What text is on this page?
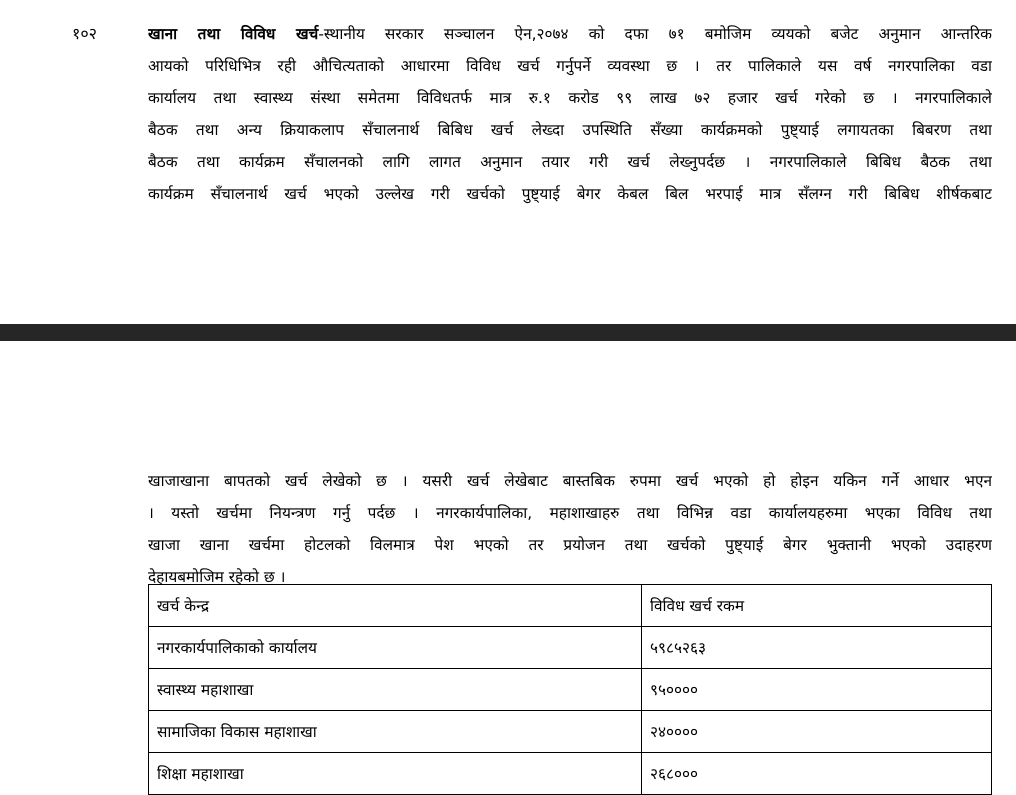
१०२	खाना तथा विविध खर्च-स्थानीय सरकार सञ्चालन ऐन,२०७४ को दफा ७१ बमोजिम व्ययको बजेट अनुमान आन्तरिक
आयको परिधिभित्र रही औचित्यताको आधारमा विविध खर्च गर्नुपर्ने व्यवस्था छ । तर पालिकाले यस वर्ष नगरपालिका वडा
कार्यालय तथा स्वास्थ्य संस्था समेतमा विविधतर्फ मात्र रु.१ करोड ९९ लाख ७२ हजार खर्च गरेको छ । नगरपालिकाले
बैठक तथा अन्य क्रियाकलाप सँचालनार्थ बिबिध खर्च लेख्दा उपस्थिति सँख्या कार्यक्रमको पुष्ट्याई लगायतका बिबरण तथा
बैठक तथा कार्यक्रम सँचालनको लागि लागत अनुमान तयार गरी खर्च लेख्नुपर्दछ । नगरपालिकाले बिबिध बैठक तथा
कार्यक्रम सँचालनार्थ खर्च भएको उल्लेख गरी खर्चको पुष्ट्याई बेगर केबल बिल भरपाई मात्र सँलग्न गरी बिबिध शीर्षकबाट
खाजाखाना बापतको खर्च लेखेको छ । यसरी खर्च लेखेबाट बास्तबिक रुपमा खर्च भएको हो होइन यकिन गर्ने आधार भएन
। यस्तो खर्चमा नियन्त्रण गर्नु पर्दछ । नगरकार्यपालिका, महाशाखाहरु तथा विभिन्न वडा कार्यालयहरुमा भएका विविध तथा
खाजा खाना खर्चमा होटलको विलमात्र पेश भएको तर प्रयोजन तथा खर्चको पुष्ट्याई बेगर भुक्तानी भएको उदाहरण
देहायबमोजिम रहेको छ ।
खर्च केन्द्र	विविध खर्च रकम
नगरकार्यपालिकाको कार्यालय	५९८५२६३
स्वास्थ्य महाशाखा	९५००००
सामाजिका विकास महाशाखा	२४००००
शिक्षा महाशाखा	२६८०००
